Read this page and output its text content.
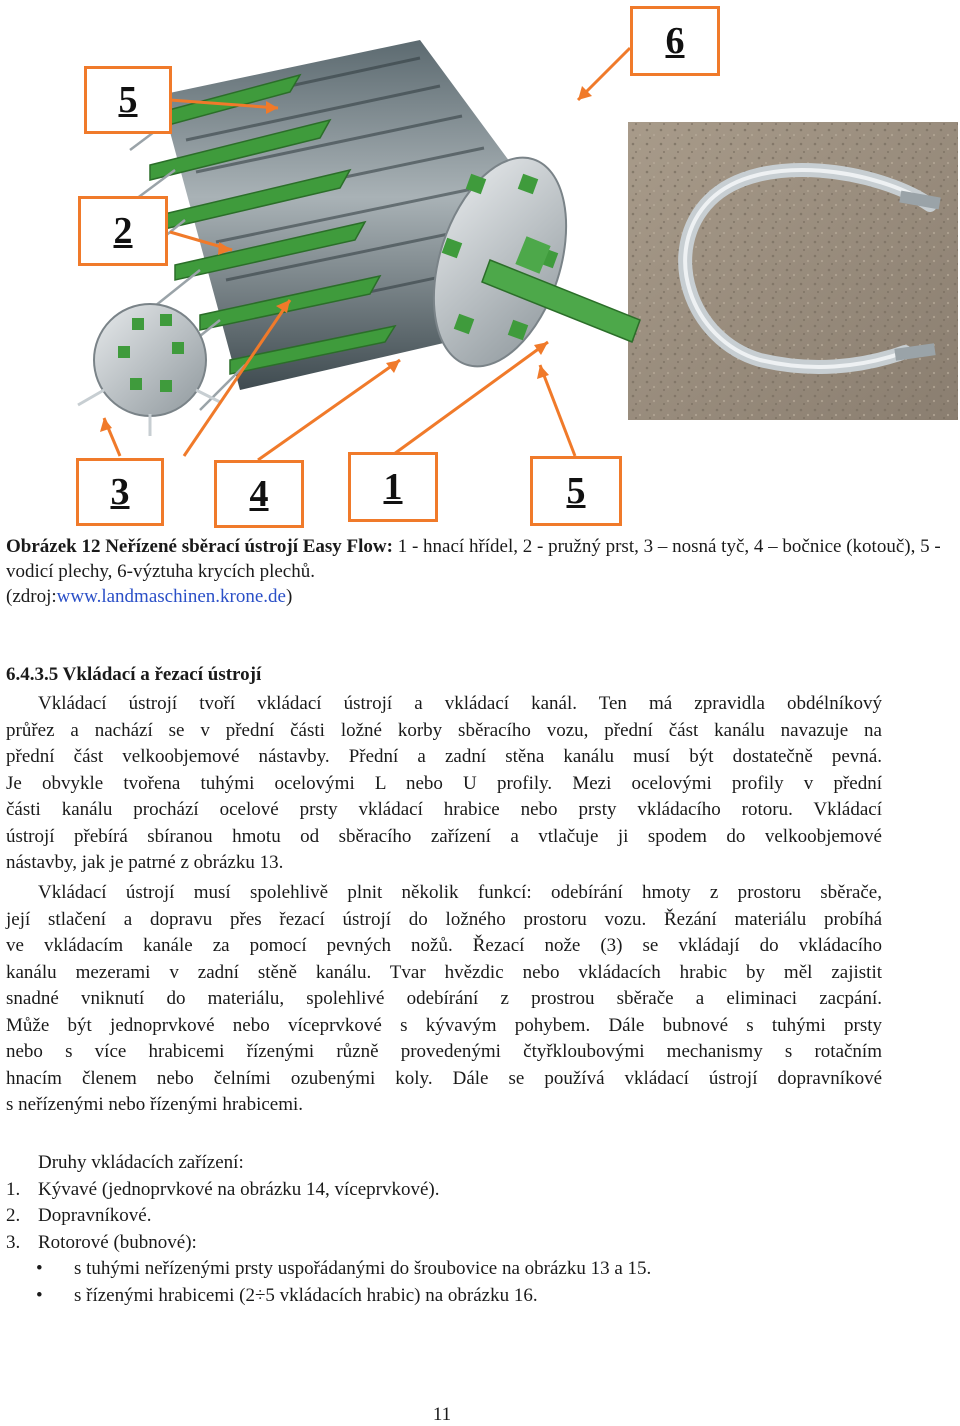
5
6
2
3	4	1	5
Obrázek 12 Neřízené sběrací ústrojí Easy Flow: 1 - hnací hřídel, 2 - pružný prst, 3 – nosná tyč, 4 – bočnice (kotouč), 5 - vodicí plechy, 6-výztuha krycích plechů.
(zdroj:www.landmaschinen.krone.de)
6.4.3.5 Vkládací a řezací ústrojí
Vkládací ústrojí tvoří vkládací ústrojí a vkládací kanál. Ten má zpravidla obdélníkový
průřez a nachází se v přední části ložné korby sběracího vozu, přední část kanálu navazuje na
přední část velkoobjemové nástavby. Přední a zadní stěna kanálu musí být dostatečně pevná.
Je obvykle tvořena tuhými ocelovými L nebo U profily. Mezi ocelovými profily v přední
části kanálu prochází ocelové prsty vkládací hrabice nebo prsty vkládacího rotoru. Vkládací
ústrojí přebírá sbíranou hmotu od sběracího zařízení a vtlačuje ji spodem do velkoobjemové
nástavby, jak je patrné z obrázku 13.
Vkládací ústrojí musí spolehlivě plnit několik funkcí: odebírání hmoty z prostoru sběrače,
její stlačení a dopravu přes řezací ústrojí do ložného prostoru vozu. Řezání materiálu probíhá
ve vkládacím kanále za pomocí pevných nožů. Řezací nože (3) se vkládají do vkládacího
kanálu mezerami v zadní stěně kanálu. Tvar hvězdic nebo vkládacích hrabic by měl zajistit
snadné vniknutí do materiálu, spolehlivé odebírání z prostrou sběrače a eliminaci zacpání.
Může být jednoprvkové nebo víceprvkové s kývavým pohybem. Dále bubnové s tuhými prsty
nebo s více hrabicemi řízenými různě provedenými čtyřkloubovými mechanismy s rotačním
hnacím členem nebo čelními ozubenými koly. Dále se používá vkládací ústrojí dopravníkové
s neřízenými nebo řízenými hrabicemi.
Druhy vkládacích zařízení:
1. Kývavé (jednoprvkové na obrázku 14, víceprvkové).
2. Dopravníkové.
3. Rotorové (bubnové):
•	s tuhými neřízenými prsty uspořádanými do šroubovice na obrázku 13 a 15.
•	s řízenými hrabicemi (2÷5 vkládacích hrabic) na obrázku 16.
11
